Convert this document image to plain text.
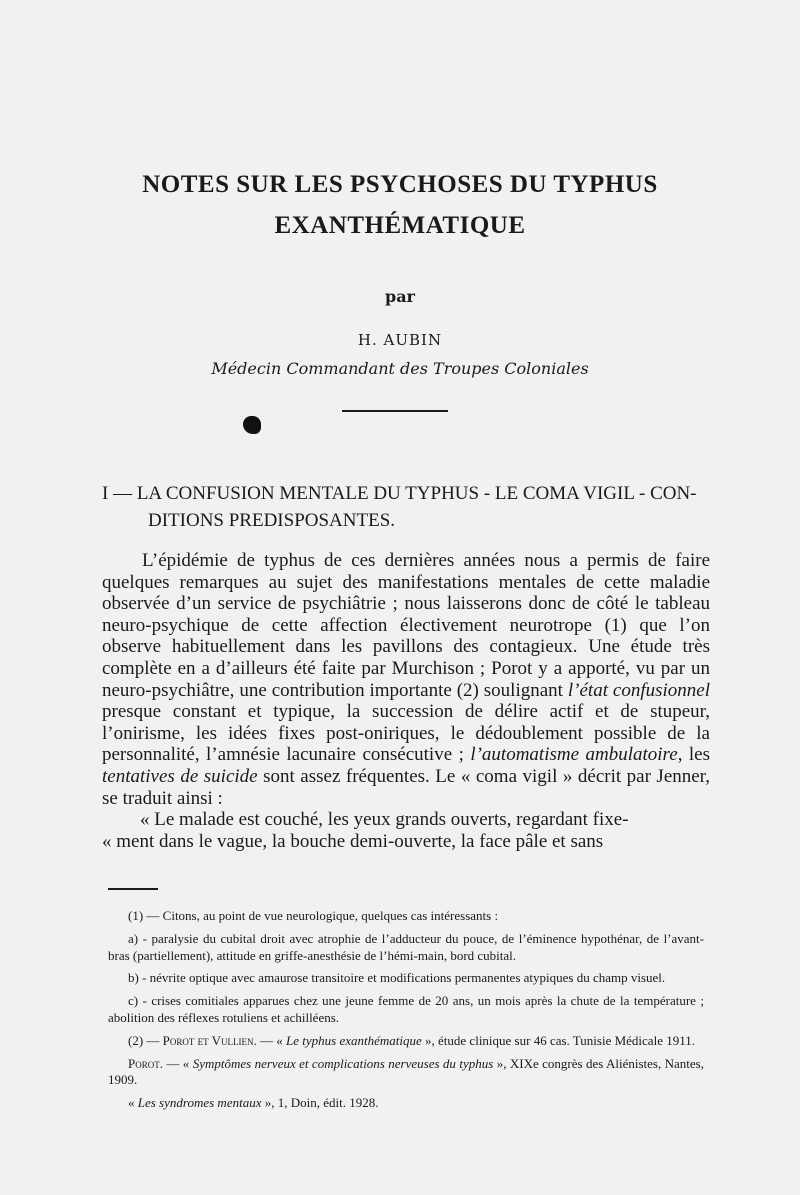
NOTES SUR LES PSYCHOSES DU TYPHUS
EXANTHÉMATIQUE
par
H. AUBIN
Médecin Commandant des Troupes Coloniales
I — LA CONFUSION MENTALE DU TYPHUS - LE COMA VIGIL - CON-
DITIONS PREDISPOSANTES.

L’épidémie de typhus de ces dernières années nous a permis de faire quelques remarques au sujet des manifestations mentales de cette maladie observée d’un service de psychiâtrie ; nous laisserons donc de côté le tableau neuro-psychique de cette affection électivement neurotrope (1) que l’on observe habituellement dans les pavillons des contagieux. Une étude très complète en a d’ailleurs été faite par Murchison ; Porot y a apporté, vu par un neuro-psychiâtre, une contribution importante (2) soulignant l’état confusionnel presque constant et typique, la succession de délire actif et de stupeur, l’onirisme, les idées fixes post-oniriques, le dédoublement possible de la personnalité, l’amnésie lacunaire consécutive ; l’automatisme ambulatoire, les tentatives de suicide sont assez fréquentes. Le « coma vigil » décrit par Jenner, se traduit ainsi :

« Le malade est couché, les yeux grands ouverts, regardant fixe-

« ment dans le vague, la bouche demi-ouverte, la face pâle et sans

(1) — Citons, au point de vue neurologique, quelques cas intéressants :

a) - paralysie du cubital droit avec atrophie de l’adducteur du pouce, de l’éminence hypothénar, de l’avant-bras (partiellement), attitude en griffe-anesthésie de l’hémi-main, bord cubital.

b) - névrite optique avec amaurose transitoire et modifications permanentes atypiques du champ visuel.

c) - crises comitiales apparues chez une jeune femme de 20 ans, un mois après la chute de la température ; abolition des réflexes rotuliens et achilléens.

(2) — Porot et Vullien. — « Le typhus exanthématique », étude clinique sur 46 cas. Tunisie Médicale 1911.

Porot. — « Symptômes nerveux et complications nerveuses du typhus », XIXe congrès des Aliénistes, Nantes, 1909.

« Les syndromes mentaux », 1, Doin, édit. 1928.
